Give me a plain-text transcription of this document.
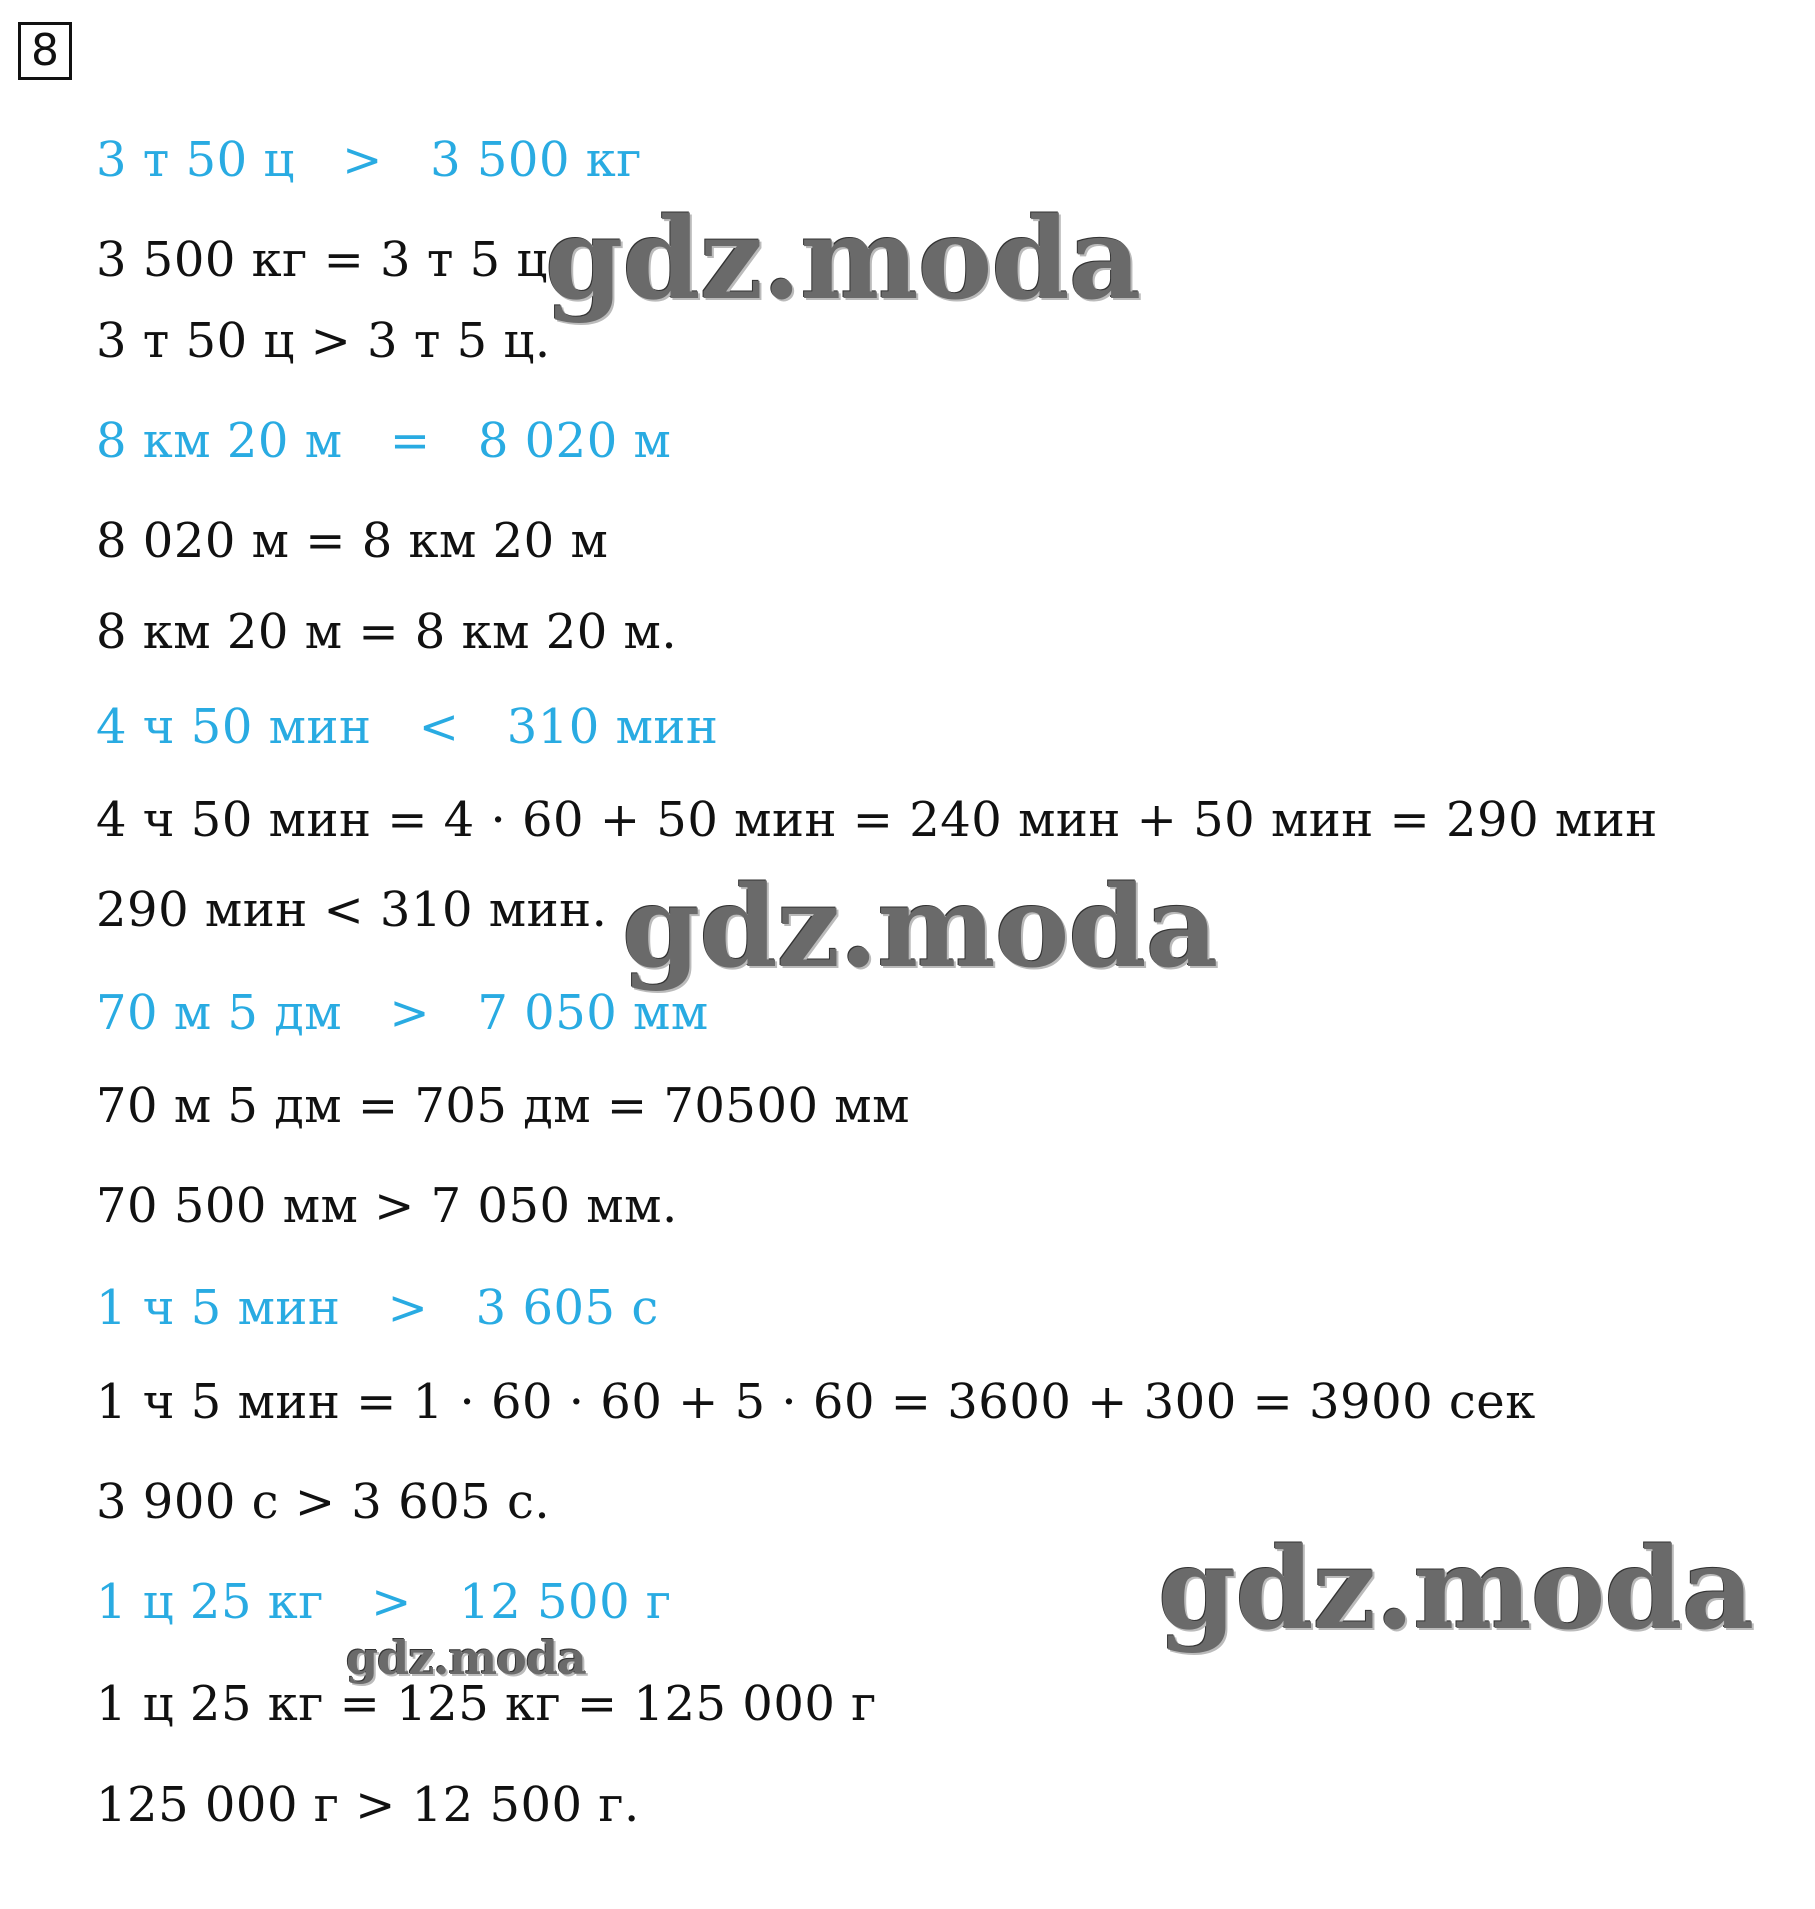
8
3 т 50 ц   >   3 500 кг
3 500 кг = 3 т 5 ц
3 т 50 ц > 3 т 5 ц.
8 км 20 м   =   8 020 м
8 020 м = 8 км 20 м
8 км 20 м = 8 км 20 м.
4 ч 50 мин   <   310 мин
4 ч 50 мин = 4 · 60 + 50 мин = 240 мин + 50 мин = 290 мин
290 мин < 310 мин.
70 м 5 дм   >   7 050 мм
70 м 5 дм = 705 дм = 70500 мм
70 500 мм > 7 050 мм.
1 ч 5 мин   >   3 605 с
1 ч 5 мин = 1 · 60 · 60 + 5 · 60 = 3600 + 300 = 3900 сек
3 900 с > 3 605 с.
1 ц 25 кг   >   12 500 г
1 ц 25 кг = 125 кг = 125 000 г
125 000 г > 12 500 г.
gdz.moda
gdz.moda
gdz.moda
gdz.moda
